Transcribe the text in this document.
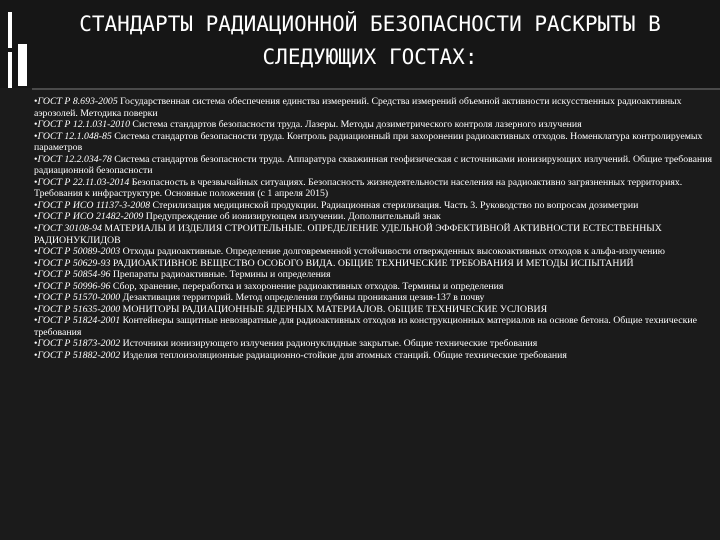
СТАНДАРТЫ РАДИАЦИОННОЙ БЕЗОПАСНОСТИ РАСКРЫТЫ В
СЛЕДУЮЩИХ ГОСТАХ:

•ГОСТ Р 8.693-2005 Государственная система обеспечения единства измерений. Средства измерений объемной активности искусственных радиоактивных аэрозолей. Методика поверки

•ГОСТ Р 12.1.031-2010 Система стандартов безопасности труда. Лазеры. Методы дозиметрического контроля лазерного излучения

•ГОСТ 12.1.048-85 Система стандартов безопасности труда. Контроль радиационный при захоронении радиоактивных отходов. Номенклатура контролируемых параметров

•ГОСТ 12.2.034-78 Система стандартов безопасности труда. Аппаратура скважинная геофизическая с источниками ионизирующих излучений. Общие требования радиационной безопасности

•ГОСТ Р 22.11.03-2014 Безопасность в чрезвычайных ситуациях. Безопасность жизнедеятельности населения на радиоактивно загрязненных территориях. Требования к инфраструктуре. Основные положения (с 1 апреля 2015)

•ГОСТ Р ИСО 11137-3-2008 Стерилизация медицинской продукции. Радиационная стерилизация. Часть 3. Руководство по вопросам дозиметрии

•ГОСТ Р ИСО 21482-2009 Предупреждение об ионизирующем излучении. Дополнительный знак

•ГОСТ 30108-94 МАТЕРИАЛЫ И ИЗДЕЛИЯ СТРОИТЕЛЬНЫЕ. ОПРЕДЕЛЕНИЕ УДЕЛЬНОЙ ЭФФЕКТИВНОЙ АКТИВНОСТИ ЕСТЕСТВЕННЫХ РАДИОНУКЛИДОВ

•ГОСТ Р 50089-2003 Отходы радиоактивные. Определение долговременной устойчивости отвержденных высокоактивных отходов к альфа-излучению

•ГОСТ Р 50629-93 РАДИОАКТИВНОЕ ВЕЩЕСТВО ОСОБОГО ВИДА. ОБЩИЕ ТЕХНИЧЕСКИЕ ТРЕБОВАНИЯ И МЕТОДЫ ИСПЫТАНИЙ

•ГОСТ Р 50854-96 Препараты радиоактивные. Термины и определения

•ГОСТ Р 50996-96 Сбор, хранение, переработка и захоронение радиоактивных отходов. Термины и определения

•ГОСТ Р 51570-2000 Дезактивация территорий. Метод определения глубины проникания цезия-137 в почву

•ГОСТ Р 51635-2000 МОНИТОРЫ РАДИАЦИОННЫЕ ЯДЕРНЫХ МАТЕРИАЛОВ. ОБЩИЕ ТЕХНИЧЕСКИЕ УСЛОВИЯ

•ГОСТ Р 51824-2001 Контейнеры защитные невозвратные для радиоактивных отходов из конструкционных материалов на основе бетона. Общие технические требования

•ГОСТ Р 51873-2002 Источники ионизирующего излучения радионуклидные закрытые. Общие технические требования

•ГОСТ Р 51882-2002 Изделия теплоизоляционные радиационно-стойкие для атомных станций. Общие технические требования
